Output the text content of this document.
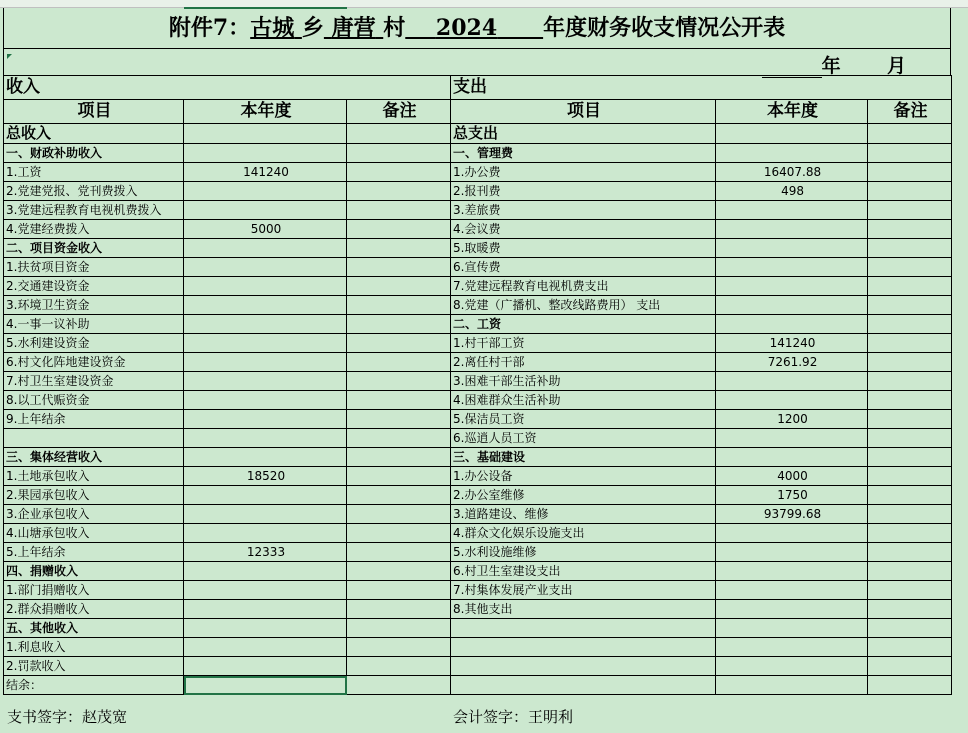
附件7：古城 乡 唐营 村 2024 年度财务收支情况公开表
年 月
收入			支出		
项目	本年度	备注	项目	本年度	备注
总收入			总支出		
一、财政补助收入			一、管理费		
1.工资	141240		1.办公费	16407.88	
2.党建党报、党刊费拨入			2.报刊费	498	
3.党建远程教育电视机费拨入			3.差旅费		
4.党建经费拨入	5000		4.会议费		
二、项目资金收入			5.取暖费		
1.扶贫项目资金			6.宣传费		
2.交通建设资金			7.党建远程教育电视机费支出		
3.环境卫生资金			8.党建（广播机、整改线路费用） 支出		
4.一事一议补助			二、工资		
5.水利建设资金			1.村干部工资	141240	
6.村文化阵地建设资金			2.离任村干部	7261.92	
7.村卫生室建设资金			3.困难干部生活补助		
8.以工代赈资金			4.困难群众生活补助		
9.上年结余			5.保洁员工资	1200	
			6.巡逍人员工资		
三、集体经营收入			三、基础建设		
1.土地承包收入	18520		1.办公设备	4000	
2.果园承包收入			2.办公室维修	1750	
3.企业承包收入			3.道路建设、维修	93799.68	
4.山塘承包收入			4.群众文化娱乐设施支出		
5.上年结余	12333		5.水利设施维修		
四、捐赠收入			6.村卫生室建设支出		
1.部门捐赠收入			7.村集体发展产业支出		
2.群众捐赠收入			8.其他支出		
五、其他收入					
1.利息收入					
2.罚款收入					
结余：					
支书签字：赵茂宽	会计签字：王明利
